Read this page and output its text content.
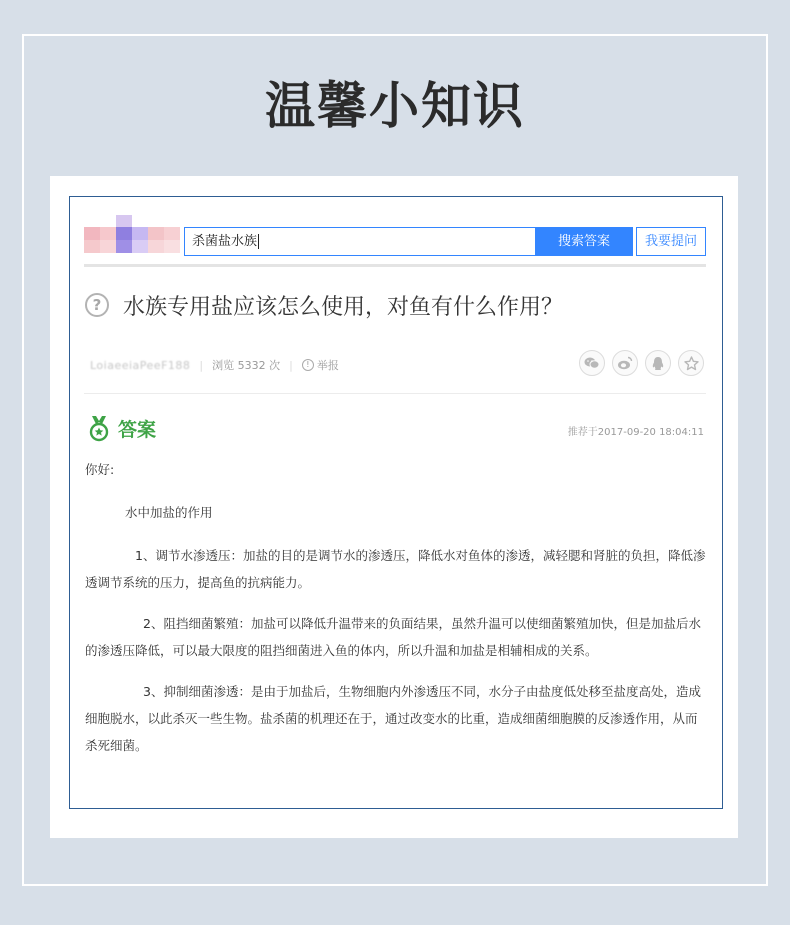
温馨小知识
杀菌盐水族	搜索答案	我要提问
? 水族专用盐应该怎么使用，对鱼有什么作用？
LoiaeeiaPeeF188 | 浏览 5332 次 |	! 举报
答案	推荐于2017-09-20 18:04:11

你好:

水中加盐的作用

1、调节水渗透压：加盐的目的是调节水的渗透压，降低水对鱼体的渗透，减轻腮和肾脏的负担，降低渗透调节系统的压力，提高鱼的抗病能力。

2、阻挡细菌繁殖：加盐可以降低升温带来的负面结果，虽然升温可以使细菌繁殖加快，但是加盐后水的渗透压降低，可以最大限度的阻挡细菌进入鱼的体内，所以升温和加盐是相辅相成的关系。

3、抑制细菌渗透：是由于加盐后，生物细胞内外渗透压不同，水分子由盐度低处移至盐度高处，造成细胞脱水，以此杀灭一些生物。盐杀菌的机理还在于，通过改变水的比重，造成细菌细胞膜的反渗透作用，从而杀死细菌。
